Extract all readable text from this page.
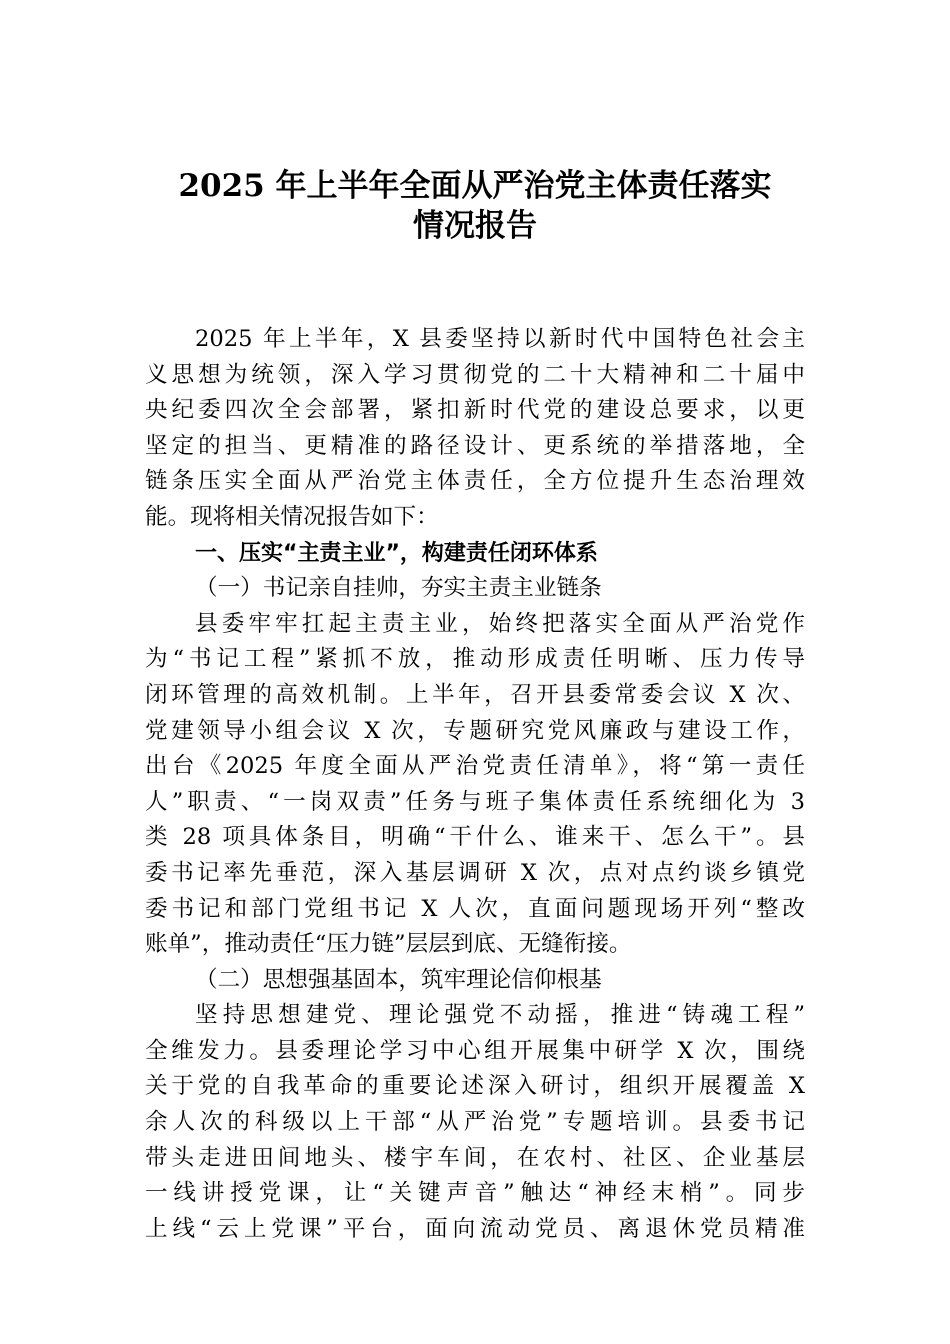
2025 年上半年全面从严治党主体责任落实
情况报告
2025 年上半年，X 县委坚持以新时代中国特色社会主
义思想为统领，深入学习贯彻党的二十大精神和二十届中
央纪委四次全会部署，紧扣新时代党的建设总要求，以更
坚定的担当、更精准的路径设计、更系统的举措落地，全
链条压实全面从严治党主体责任，全方位提升生态治理效
能。现将相关情况报告如下：
一、压实“主责主业”，构建责任闭环体系
（一）书记亲自挂帅，夯实主责主业链条
县委牢牢扛起主责主业，始终把落实全面从严治党作
为“书记工程”紧抓不放，推动形成责任明晰、压力传导
闭环管理的高效机制。上半年，召开县委常委会议 X 次、
党建领导小组会议 X 次，专题研究党风廉政与建设工作，
出台《2025 年度全面从严治党责任清单》，将“第一责任
人”职责、“一岗双责”任务与班子集体责任系统细化为 3
类 28 项具体条目，明确“干什么、谁来干、怎么干”。县
委书记率先垂范，深入基层调研 X 次，点对点约谈乡镇党
委书记和部门党组书记 X 人次，直面问题现场开列“整改
账单”，推动责任“压力链”层层到底、无缝衔接。
（二）思想强基固本，筑牢理论信仰根基
坚持思想建党、理论强党不动摇，推进“铸魂工程”
全维发力。县委理论学习中心组开展集中研学 X 次，围绕
关于党的自我革命的重要论述深入研讨，组织开展覆盖 X
余人次的科级以上干部“从严治党”专题培训。县委书记
带头走进田间地头、楼宇车间，在农村、社区、企业基层
一线讲授党课，让“关键声音”触达“神经末梢”。同步
上线“云上党课”平台，面向流动党员、离退休党员精准
